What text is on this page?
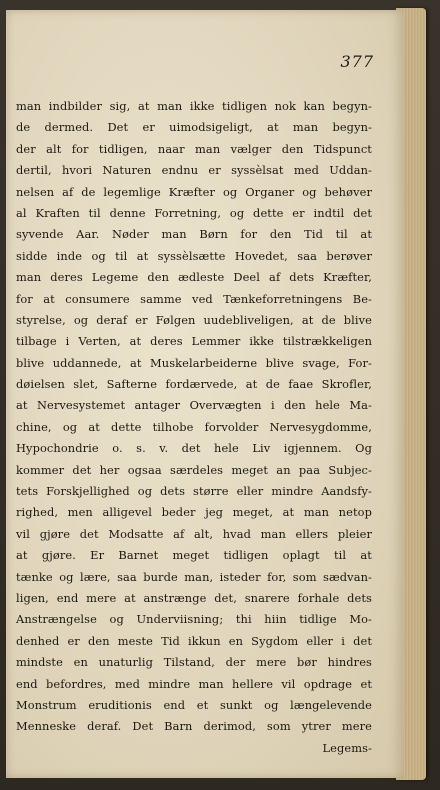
377
man indbilder sig, at man ikke tidligen nok kan begyn-
de dermed. Det er uimodsigeligt, at man begyn-
der alt for tidligen, naar man vælger den Tidspunct
dertil, hvori Naturen endnu er syssèlsat med Uddan-
nelsen af de legemlige Kræfter og Organer og behøver
al Kraften til denne Forretning, og dette er indtil det
syvende Aar. Nøder man Børn for den Tid til at
sidde inde og til at syssèlsætte Hovedet, saa berøver
man deres Legeme den ædleste Deel af dets Kræfter,
for at consumere samme ved Tænkeforretningens Be-
styrelse, og deraf er Følgen uudebliveligen, at de blive
tilbage i Verten, at deres Lemmer ikke tilstrækkeligen
blive uddannede, at Muskelarbeiderne blive svage, For-
døielsen slet, Safterne fordærvede, at de faae Skrofler,
at Nervesystemet antager Overvægten i den hele Ma-
chine, og at dette tilhobe forvolder Nervesygdomme,
Hypochondrie o. s. v. det hele Liv igjennem. Og
kommer det her ogsaa særdeles meget an paa Subjec-
tets Forskjellighed og dets større eller mindre Aandsfy-
righed, men alligevel beder jeg meget, at man netop
vil gjøre det Modsatte af alt, hvad man ellers pleier
at gjøre. Er Barnet meget tidligen oplagt til at
tænke og lære, saa burde man, isteder for, som sædvan-
ligen, end mere at anstrænge det, snarere forhale dets
Anstrængelse og Underviisning; thi hiin tidlige Mo-
denhed er den meste Tid ikkun en Sygdom eller i det
mindste en unaturlig Tilstand, der mere bør hindres
end befordres, med mindre man hellere vil opdrage et
Monstrum eruditionis end et sunkt og længelevende
Menneske deraf. Det Barn derimod, som ytrer mere
Legems-
